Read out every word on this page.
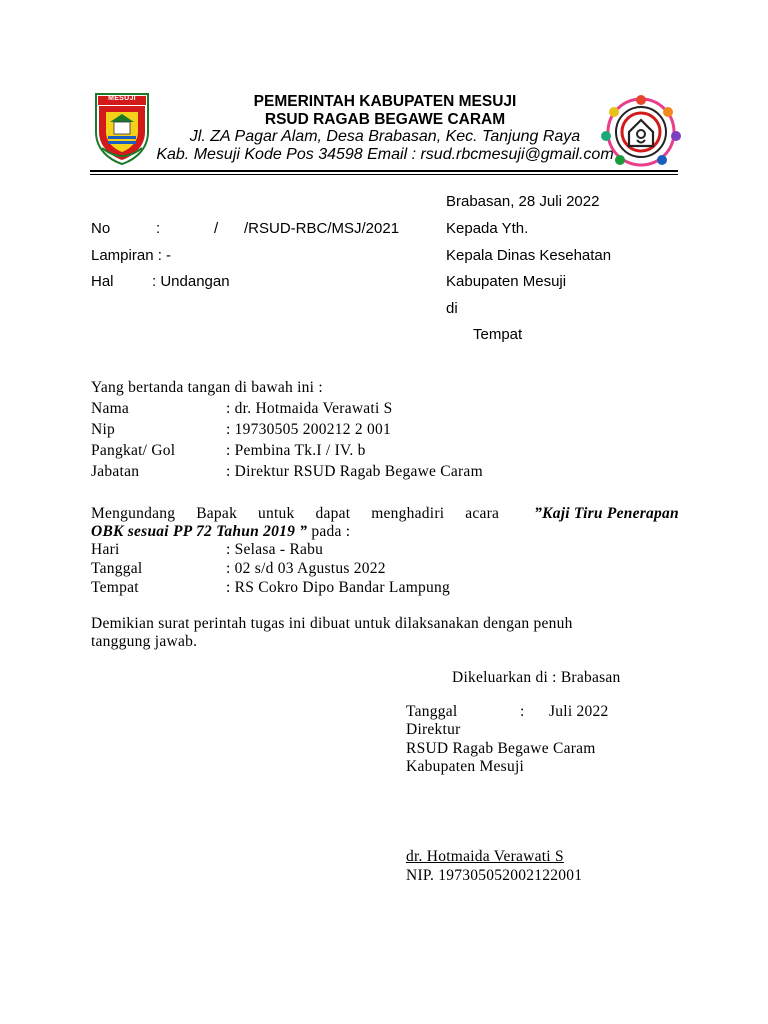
MESUJI	PEMERINTAH KABUPATEN MESUJI
RSUD RAGAB BEGAWE CARAM
Jl. ZA Pagar Alam, Desa Brabasan, Kec. Tanjung Raya
Kab. Mesuji Kode Pos 34598 Email : rsud.rbcmesuji@gmail.com
No	:	/ /RSUD-RBC/MSJ/2021
Lampiran : -
Hal	: Undangan
Brabasan, 28 Juli 2022
Kepada Yth.
Kepala Dinas Kesehatan
Kabupaten Mesuji
di
Tempat
Yang bertanda tangan di bawah ini :
Nama	: dr. Hotmaida Verawati S
Nip	: 19730505 200212 2 001
Pangkat/ Gol	: Pembina Tk.I / IV. b
Jabatan	: Direktur RSUD Ragab Begawe Caram
Mengundang Bapak untuk dapat menghadiri acara ”Kaji Tiru Penerapan
OBK sesuai PP 72 Tahun 2019 ” pada :
Hari	: Selasa - Rabu
Tanggal	: 02 s/d 03 Agustus 2022
Tempat	: RS Cokro Dipo Bandar Lampung
Demikian surat perintah tugas ini dibuat untuk dilaksanakan dengan penuh
tanggung jawab.
Dikeluarkan di : Brabasan
Tanggal	: Juli 2022
Direktur
RSUD Ragab Begawe Caram
Kabupaten Mesuji
dr. Hotmaida Verawati S
NIP. 197305052002122001
